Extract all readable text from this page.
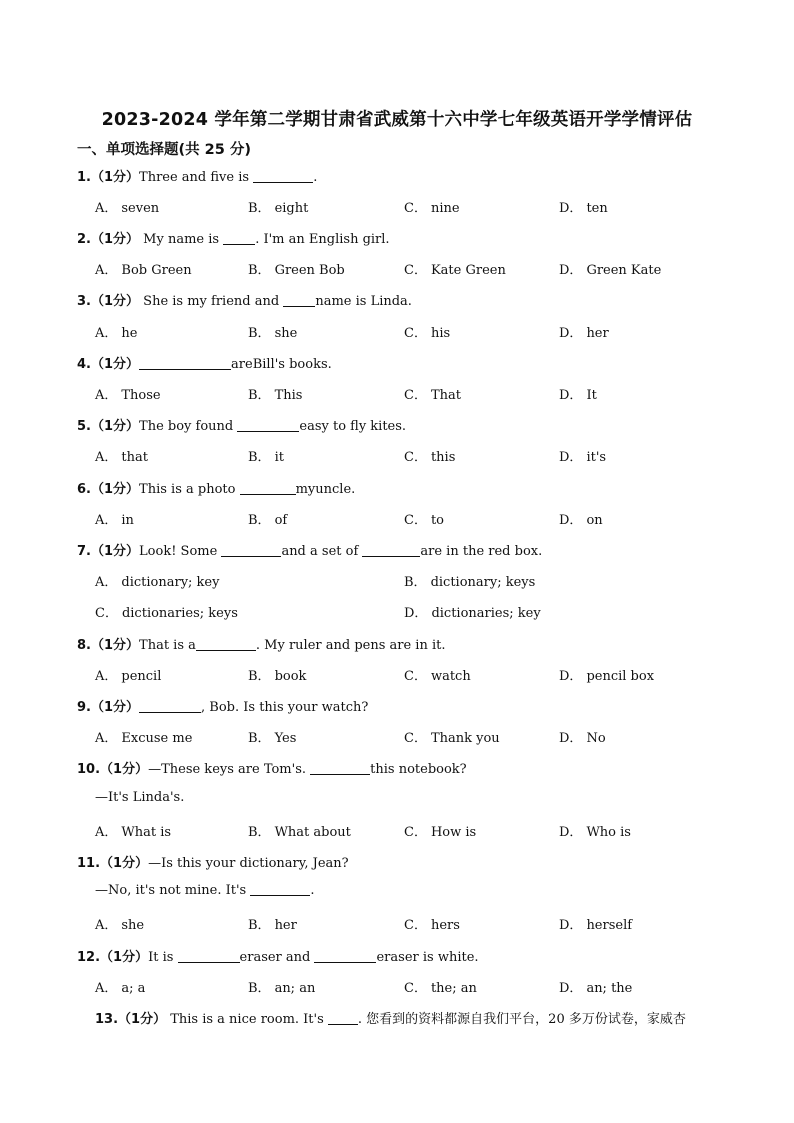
2023-2024 学年第二学期甘肃省武威第十六中学七年级英语开学学情评估
一、单项选择题(共 25 分)
1.（1分）Three and five is	.
A． seven	B． eight	C． nine	D． ten
2.（1分） My name is . I'm an English girl.
A． Bob Green	B． Green Bob	C． Kate Green	D． Green Kate
3.（1分） She is my friend and name is Linda.
A． he	B． she	C． his	D． her
4.（1分）	areBill's books.
A． Those	B． This	C． That	D． It
5.（1分）The boy found	easy to fly kites.
A． that	B． it	C． this	D． it's
6.（1分）This is a photo	myuncle.
A． in	B． of	C． to	D． on
7.（1分）Look! Some	and a set of	are in the red box.
A． dictionary; key	B． dictionary; keys
C． dictionaries; keys	D． dictionaries; key
8.（1分）That is a	. My ruler and pens are in it.
A． pencil	B． book	C． watch	D． pencil box
9.（1分）	, Bob. Is this your watch?
A． Excuse me	B． Yes	C． Thank you	D． No
10.（1分）—These keys are Tom's.	this notebook?
—It's Linda's.
A． What is	B． What about	C． How is	D． Who is
11.（1分）—Is this your dictionary, Jean?
—No, it's not mine. It's	.
A． she	B． her	C． hers	D． herself
12.（1分）It is	eraser and	eraser is white.
A． a; a	B． an; an	C． the; an	D． an; the
13.（1分） This is a nice room. It's . 您看到的资料都源自我们平台，20 多万份试卷，家威杏
